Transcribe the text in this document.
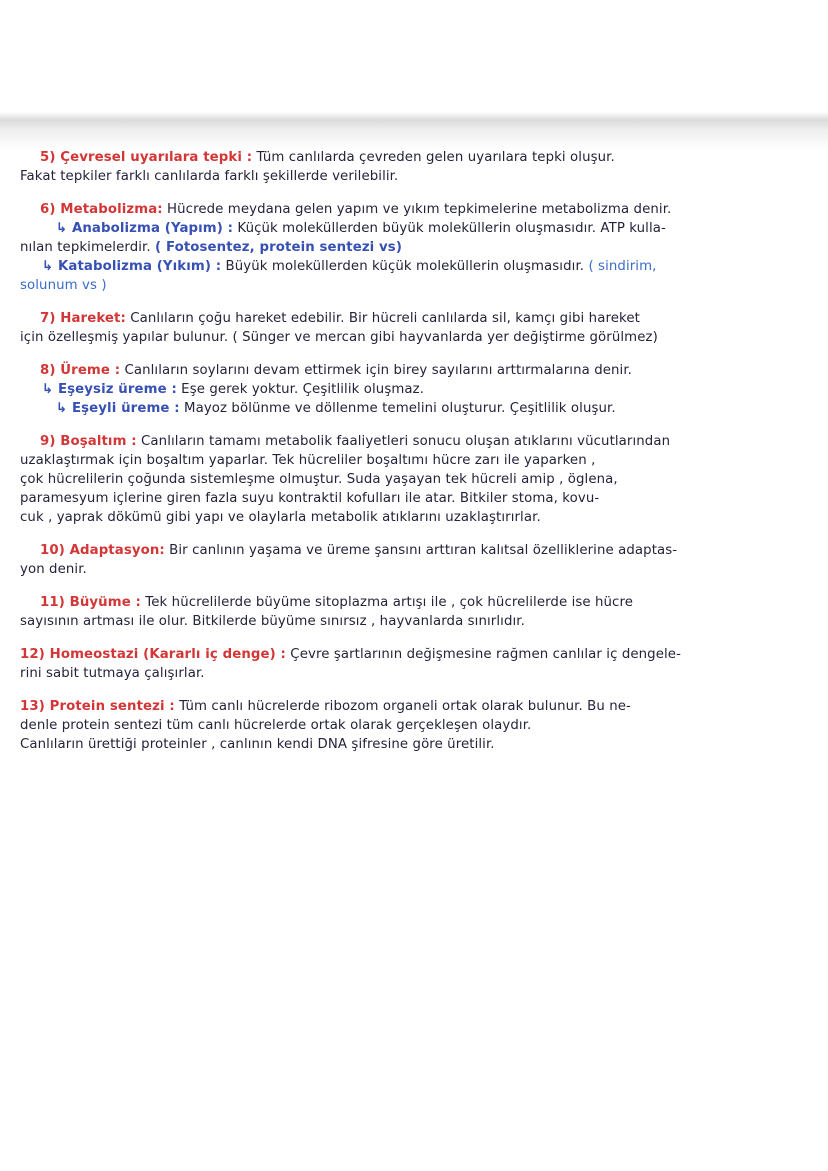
5) Çevresel uyarılara tepki : Tüm canlılarda çevreden gelen uyarılara tepki oluşur.
Fakat tepkiler farklı canlılarda farklı şekillerde verilebilir.
6) Metabolizma: Hücrede meydana gelen yapım ve yıkım tepkimelerine metabolizma denir.
↳ Anabolizma (Yapım) : Küçük moleküllerden büyük moleküllerin oluşmasıdır. ATP kulla-
nılan tepkimelerdir. ( Fotosentez, protein sentezi vs)
↳ Katabolizma (Yıkım) : Büyük moleküllerden küçük moleküllerin oluşmasıdır. ( sindirim,
solunum vs )
7) Hareket: Canlıların çoğu hareket edebilir. Bir hücreli canlılarda sil, kamçı gibi hareket
için özelleşmiş yapılar bulunur. ( Sünger ve mercan gibi hayvanlarda yer değiştirme görülmez)
8) Üreme : Canlıların soylarını devam ettirmek için birey sayılarını arttırmalarına denir.
↳ Eşeysiz üreme : Eşe gerek yoktur. Çeşitlilik oluşmaz.
↳ Eşeyli üreme : Mayoz bölünme ve döllenme temelini oluşturur. Çeşitlilik oluşur.
9) Boşaltım : Canlıların tamamı metabolik faaliyetleri sonucu oluşan atıklarını vücutlarından
uzaklaştırmak için boşaltım yaparlar. Tek hücreliler boşaltımı hücre zarı ile yaparken ,
çok hücrelilerin çoğunda sistemleşme olmuştur. Suda yaşayan tek hücreli amip , öglena,
paramesyum içlerine giren fazla suyu kontraktil kofulları ile atar. Bitkiler stoma, kovu-
cuk , yaprak dökümü gibi yapı ve olaylarla metabolik atıklarını uzaklaştırırlar.
10) Adaptasyon: Bir canlının yaşama ve üreme şansını arttıran kalıtsal özelliklerine adaptas-
yon denir.
11) Büyüme : Tek hücrelilerde büyüme sitoplazma artışı ile , çok hücrelilerde ise hücre
sayısının artması ile olur. Bitkilerde büyüme sınırsız , hayvanlarda sınırlıdır.
12) Homeostazi (Kararlı iç denge) : Çevre şartlarının değişmesine rağmen canlılar iç dengele-
rini sabit tutmaya çalışırlar.
13) Protein sentezi : Tüm canlı hücrelerde ribozom organeli ortak olarak bulunur. Bu ne-
denle protein sentezi tüm canlı hücrelerde ortak olarak gerçekleşen olaydır.
Canlıların ürettiği proteinler , canlının kendi DNA şifresine göre üretilir.
